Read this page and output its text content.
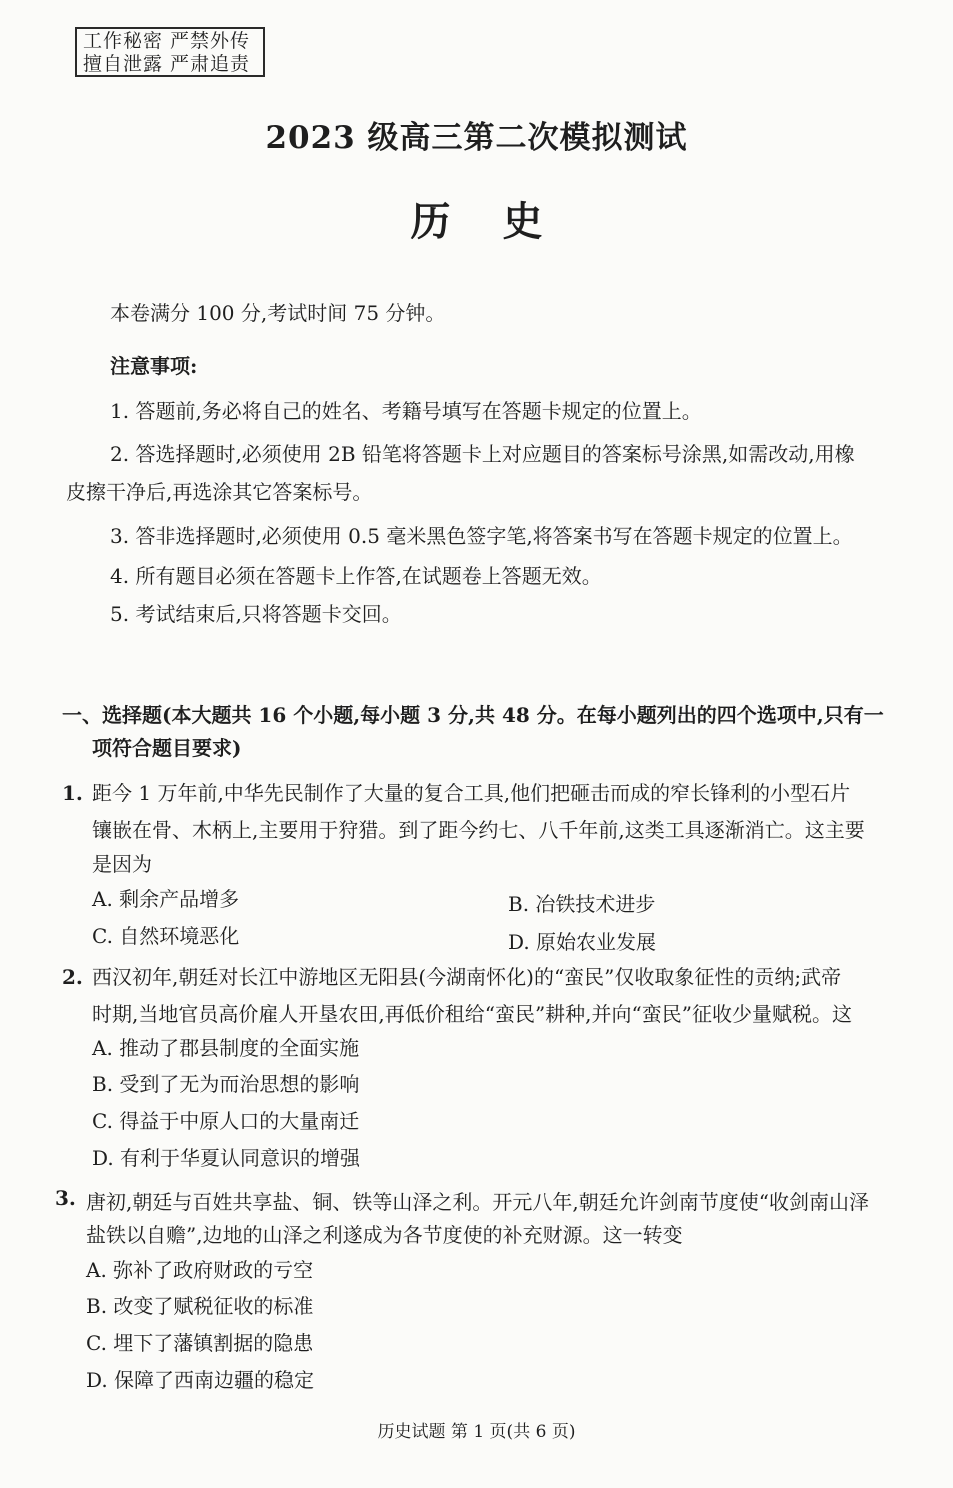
工作秘密 严禁外传
擅自泄露 严肃追责
2023 级高三第二次模拟测试
历史
本卷满分 100 分,考试时间 75 分钟。
注意事项:
1. 答题前,务必将自己的姓名、考籍号填写在答题卡规定的位置上。
2. 答选择题时,必须使用 2B 铅笔将答题卡上对应题目的答案标号涂黑,如需改动,用橡
皮擦干净后,再选涂其它答案标号。
3. 答非选择题时,必须使用 0.5 毫米黑色签字笔,将答案书写在答题卡规定的位置上。
4. 所有题目必须在答题卡上作答,在试题卷上答题无效。
5. 考试结束后,只将答题卡交回。
一、选择题(本大题共 16 个小题,每小题 3 分,共 48 分。在每小题列出的四个选项中,只有一
项符合题目要求)
1. 距今 1 万年前,中华先民制作了大量的复合工具,他们把砸击而成的窄长锋利的小型石片
镶嵌在骨、木柄上,主要用于狩猎。到了距今约七、八千年前,这类工具逐渐消亡。这主要
是因为
A. 剩余产品增多	B. 冶铁技术进步
C. 自然环境恶化	D. 原始农业发展
2. 西汉初年,朝廷对长江中游地区无阳县(今湖南怀化)的“蛮民”仅收取象征性的贡纳;武帝
时期,当地官员高价雇人开垦农田,再低价租给“蛮民”耕种,并向“蛮民”征收少量赋税。这
A. 推动了郡县制度的全面实施
B. 受到了无为而治思想的影响
C. 得益于中原人口的大量南迁
D. 有利于华夏认同意识的增强
3. 唐初,朝廷与百姓共享盐、铜、铁等山泽之利。开元八年,朝廷允许剑南节度使“收剑南山泽
盐铁以自赡”,边地的山泽之利遂成为各节度使的补充财源。这一转变
A. 弥补了政府财政的亏空
B. 改变了赋税征收的标准
C. 埋下了藩镇割据的隐患
D. 保障了西南边疆的稳定
历史试题 第 1 页(共 6 页)
